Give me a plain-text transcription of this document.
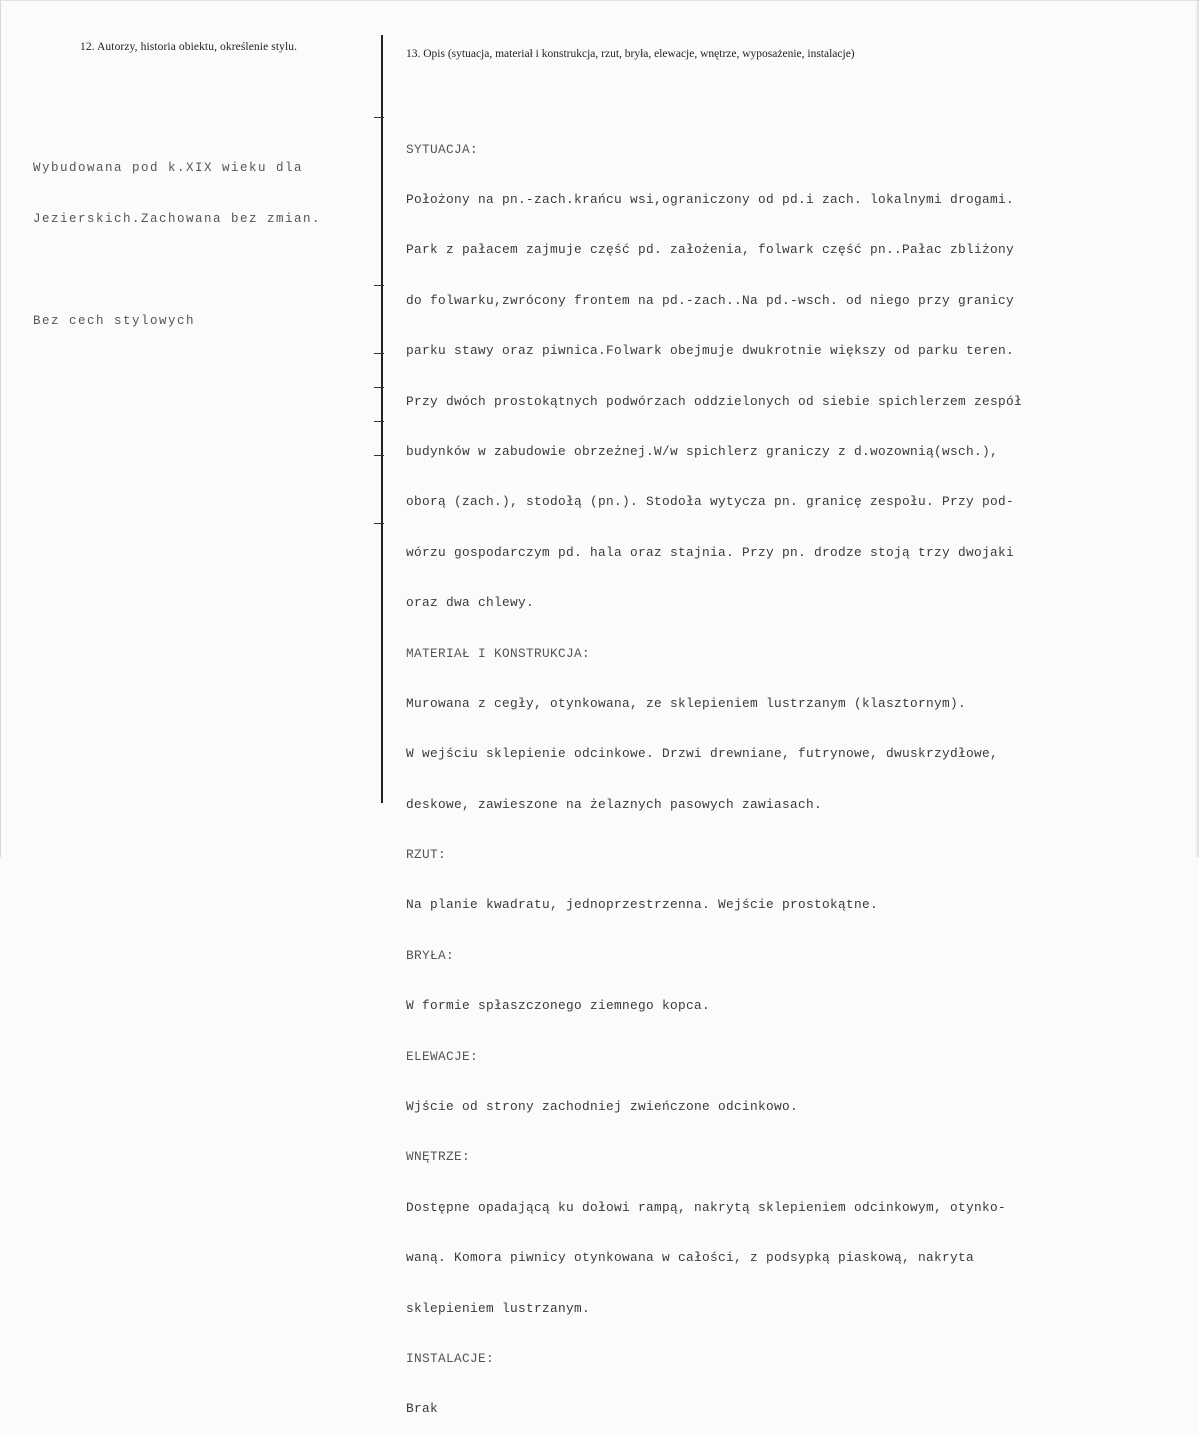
12. Autorzy, historia obiektu, określenie stylu.
13. Opis (sytuacja, materiał i konstrukcja, rzut, bryła, elewacje, wnętrze, wyposażenie, instalacje)

Wybudowana pod k.XIX wieku dla

Jezierskich.Zachowana bez zmian.

Bez cech stylowych

SYTUACJA:

Położony na pn.-zach.krańcu wsi,ograniczony od pd.i zach. lokalnymi drogami.

Park z pałacem zajmuje część pd. założenia, folwark część pn..Pałac zbliżony

do folwarku,zwrócony frontem na pd.-zach..Na pd.-wsch. od niego przy granicy

parku stawy oraz piwnica.Folwark obejmuje dwukrotnie większy od parku teren.

Przy dwóch prostokątnych podwórzach oddzielonych od siebie spichlerzem zespół

budynków w zabudowie obrzeżnej.W/w spichlerz graniczy z d.wozownią(wsch.),

oborą (zach.), stodołą (pn.). Stodoła wytycza pn. granicę zespołu. Przy pod-

wórzu gospodarczym pd. hala oraz stajnia. Przy pn. drodze stoją trzy dwojaki

oraz dwa chlewy.

MATERIAŁ I KONSTRUKCJA:

Murowana z cegły, otynkowana, ze sklepieniem lustrzanym (klasztornym).

W wejściu sklepienie odcinkowe. Drzwi drewniane, futrynowe, dwuskrzydłowe,

deskowe, zawieszone na żelaznych pasowych zawiasach.

RZUT:

Na planie kwadratu, jednoprzestrzenna. Wejście prostokątne.

BRYŁA:

W formie spłaszczonego ziemnego kopca.

ELEWACJE:

Wjście od strony zachodniej zwieńczone odcinkowo.

WNĘTRZE:

Dostępne opadającą ku dołowi rampą, nakrytą sklepieniem odcinkowym, otynko-

waną. Komora piwnicy otynkowana w całości, z podsypką piaskową, nakryta

sklepieniem lustrzanym.

INSTALACJE:

Brak
